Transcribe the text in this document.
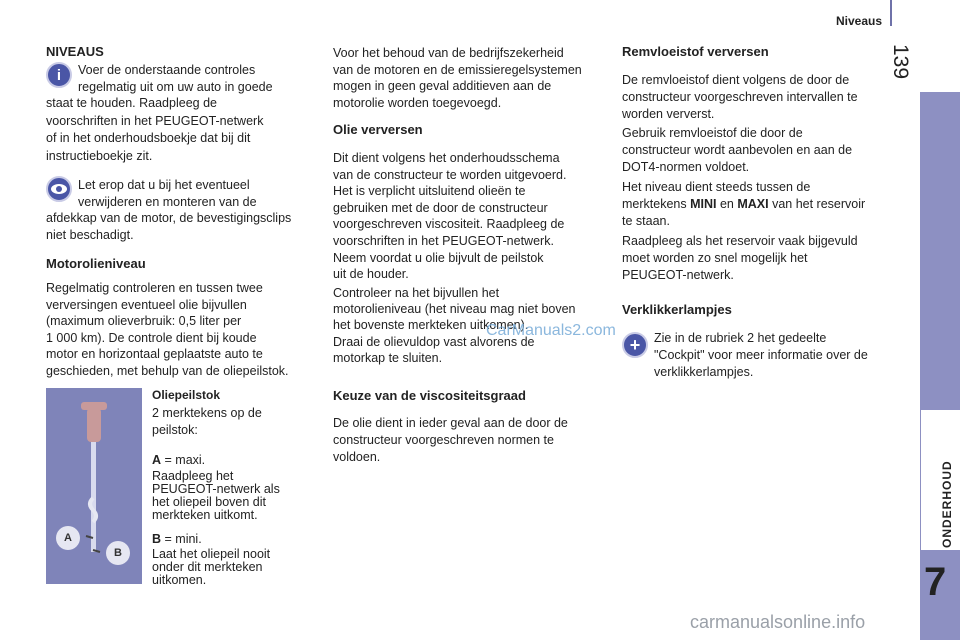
Niveaus
139
ONDERHOUD
7
NIVEAUS
i	Voer de onderstaande controles
regelmatig uit om uw auto in goede
staat te houden. Raadpleeg de
voorschriften in het PEUGEOT-netwerk
of in het onderhoudsboekje dat bij dit
instructieboekje zit.
Let erop dat u bij het eventueel
verwijderen en monteren van de
afdekkap van de motor, de bevestigingsclips
niet beschadigt.
Motorolieniveau
Regelmatig controleren en tussen twee
verversingen eventueel olie bijvullen
(maximum olieverbruik: 0,5 liter per
1 000 km). De controle dient bij koude
motor en horizontaal geplaatste auto te
geschieden, met behulp van de oliepeilstok.
A
B
Oliepeilstok
2 merktekens op de
peilstok:
A = maxi.
Raadpleeg het
PEUGEOT-netwerk als
het oliepeil boven dit
merkteken uitkomt.
B = mini.
Laat het oliepeil nooit
onder dit merkteken
uitkomen.
Voor het behoud van de bedrijfszekerheid
van de motoren en de emissieregelsystemen
mogen in geen geval additieven aan de
motorolie worden toegevoegd.
Olie verversen
Dit dient volgens het onderhoudsschema
van de constructeur te worden uitgevoerd.
Het is verplicht uitsluitend olieën te
gebruiken met de door de constructeur
voorgeschreven viscositeit. Raadpleeg de
voorschriften in het PEUGEOT-netwerk.
Neem voordat u olie bijvult de peilstok
uit de houder.
Controleer na het bijvullen het
motorolieniveau (het niveau mag niet boven
het bovenste merkteken uitkomen).
Draai de olievuldop vast alvorens de
motorkap te sluiten.
CarManuals2.com
Keuze van de viscositeitsgraad
De olie dient in ieder geval aan de door de
constructeur voorgeschreven normen te
voldoen.
Remvloeistof verversen
De remvloeistof dient volgens de door de
constructeur voorgeschreven intervallen te
worden ververst.
Gebruik remvloeistof die door de
constructeur wordt aanbevolen en aan de
DOT4-normen voldoet.
Het niveau dient steeds tussen de
merktekens MINI en MAXI van het reservoir
te staan.
Raadpleeg als het reservoir vaak bijgevuld
moet worden zo snel mogelijk het
PEUGEOT-netwerk.
Verklikkerlampjes
+	Zie in de rubriek 2 het gedeelte
"Cockpit" voor meer informatie over de
verklikkerlampjes.
carmanualsonline.info
